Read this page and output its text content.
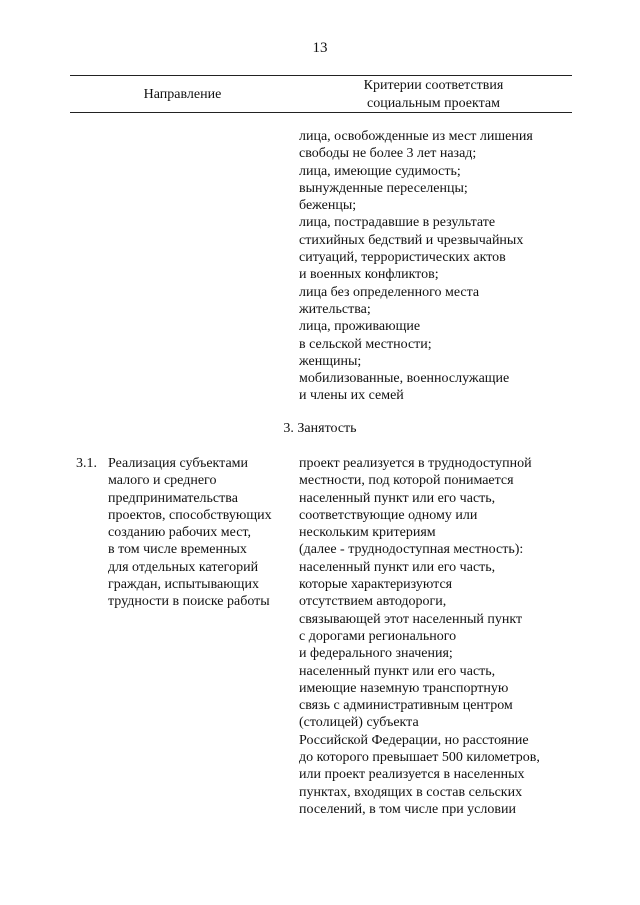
13
Направление
Критерии соответствия
социальным проектам
лица, освобожденные из мест лишения
свободы не более 3 лет назад;
лица, имеющие судимость;
вынужденные переселенцы;
беженцы;
лица, пострадавшие в результате
стихийных бедствий и чрезвычайных
ситуаций, террористических актов
и военных конфликтов;
лица без определенного места
жительства;
лица, проживающие
в сельской местности;
женщины;
мобилизованные, военнослужащие
и члены их семей
3. Занятость
3.1. Реализация субъектами
малого и среднего
предпринимательства
проектов, способствующих
созданию рабочих мест,
в том числе временных
для отдельных категорий
граждан, испытывающих
трудности в поиске работы
проект реализуется в труднодоступной
местности, под которой понимается
населенный пункт или его часть,
соответствующие одному или
нескольким критериям
(далее - труднодоступная местность):
населенный пункт или его часть,
которые характеризуются
отсутствием автодороги,
связывающей этот населенный пункт
с дорогами регионального
и федерального значения;
населенный пункт или его часть,
имеющие наземную транспортную
связь с административным центром
(столицей) субъекта
Российской Федерации, но расстояние
до которого превышает 500 километров,
или проект реализуется в населенных
пунктах, входящих в состав сельских
поселений, в том числе при условии
